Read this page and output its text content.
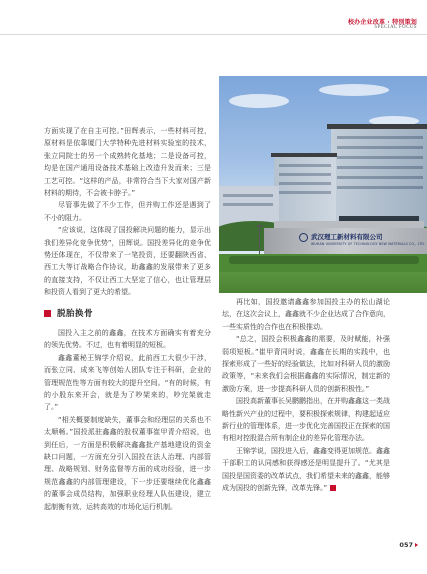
校办企业改革 · 特别策划
SPECIAL FOCUS
武汉理工新材料有限公司
WUHAN UNIVERSITY OF TECHNOLOGY NEW MATERIALS CO., LTD.

方面实现了在自主可控。”田辉表示，一些材料可控，原材料是依靠厦门大学特种先进材料实验室的技术，张立同院士的另一个成熟转化基地；二是设备可控，均是在国产通用设备技术基础上改造升发而来；三是工艺可控。“这样的产品，非常符合当下大家对国产新材料的期待，不会被卡脖子。”

尽管事先做了不少工作，但并购工作还是遇到了不小的阻力。

“应该说，这体现了国投解决问题的能力，显示出我们差异化竞争优势”，田辉说。国投差异化的竞争优势还体现在，不仅带来了一笔投资，还要翻陕西省、西工大等订战略合作协议，助鑫鑫的发展带来了更多的直接支持，不仅让西工大坚定了信心，也让管理层和投资人看到了更大的希望。

脱胎换骨

国投入主之前的鑫鑫，在技术方面确实有着充分的领先优势。不过，也有着明显的短板。

鑫鑫董秘王锦学介绍说，此前西工大很少干涉，而张立同、成来飞等创始人团队专注于科研，企业的管理规范性等方面有较大的提升空间。“有的时候，有的小股东来开会，就是为了吵架来的，吵完架就走了。”

“相关概要制度缺失，董事会和经理层的关系也不太顺畅。”国投派驻鑫鑫的股权董事崔甲青介绍说，也到任后，一方面是积极解决鑫鑫批产基地建设的资金缺口问题，一方面充分引入国投在法人治理、内部管理、战略规划、财务监督等方面的成功经验，进一步规范鑫鑫的内部管理建设，下一步还要继续优化鑫鑫的董事会成员结构，加强职业经理人队伍建设，建立起制衡有效、运转高效的市场化运行机制。

再比如，国投邀请鑫鑫参加国投主办的松山湖论坛，在这次会议上，鑫鑫就不少企业达成了合作意向，一些实质性的合作也在积极推动。

“总之，国投会积极鑫鑫的需要，及时赋能，补强弱项短板。”崔甲青同时说，鑫鑫在长期的实践中，也探索形成了一些好的经验做法，比如对科研人员的激励政策等，“未来我们会根据鑫鑫的实际情况，制定新的激励方案，进一步提高科研人员的创新积极性。”

国投高新董事长吴鹏鹏指出，在并购鑫鑫这一类战略性新兴产业的过程中，要积极探索规律，构建起适应新行业的管理体系，进一步优化完善国投正在探索的国有相对控股混合所有制企业的差异化管理办法。

王锦学说，国投进入后，鑫鑫变得更加规范。鑫鑫干部职工的认同感和获得感还是明显提升了。“尤其是国投是国资委的改革试点，我们希望未来的鑫鑫，能够成为国投的创新先锋，改革先锋。”

057
